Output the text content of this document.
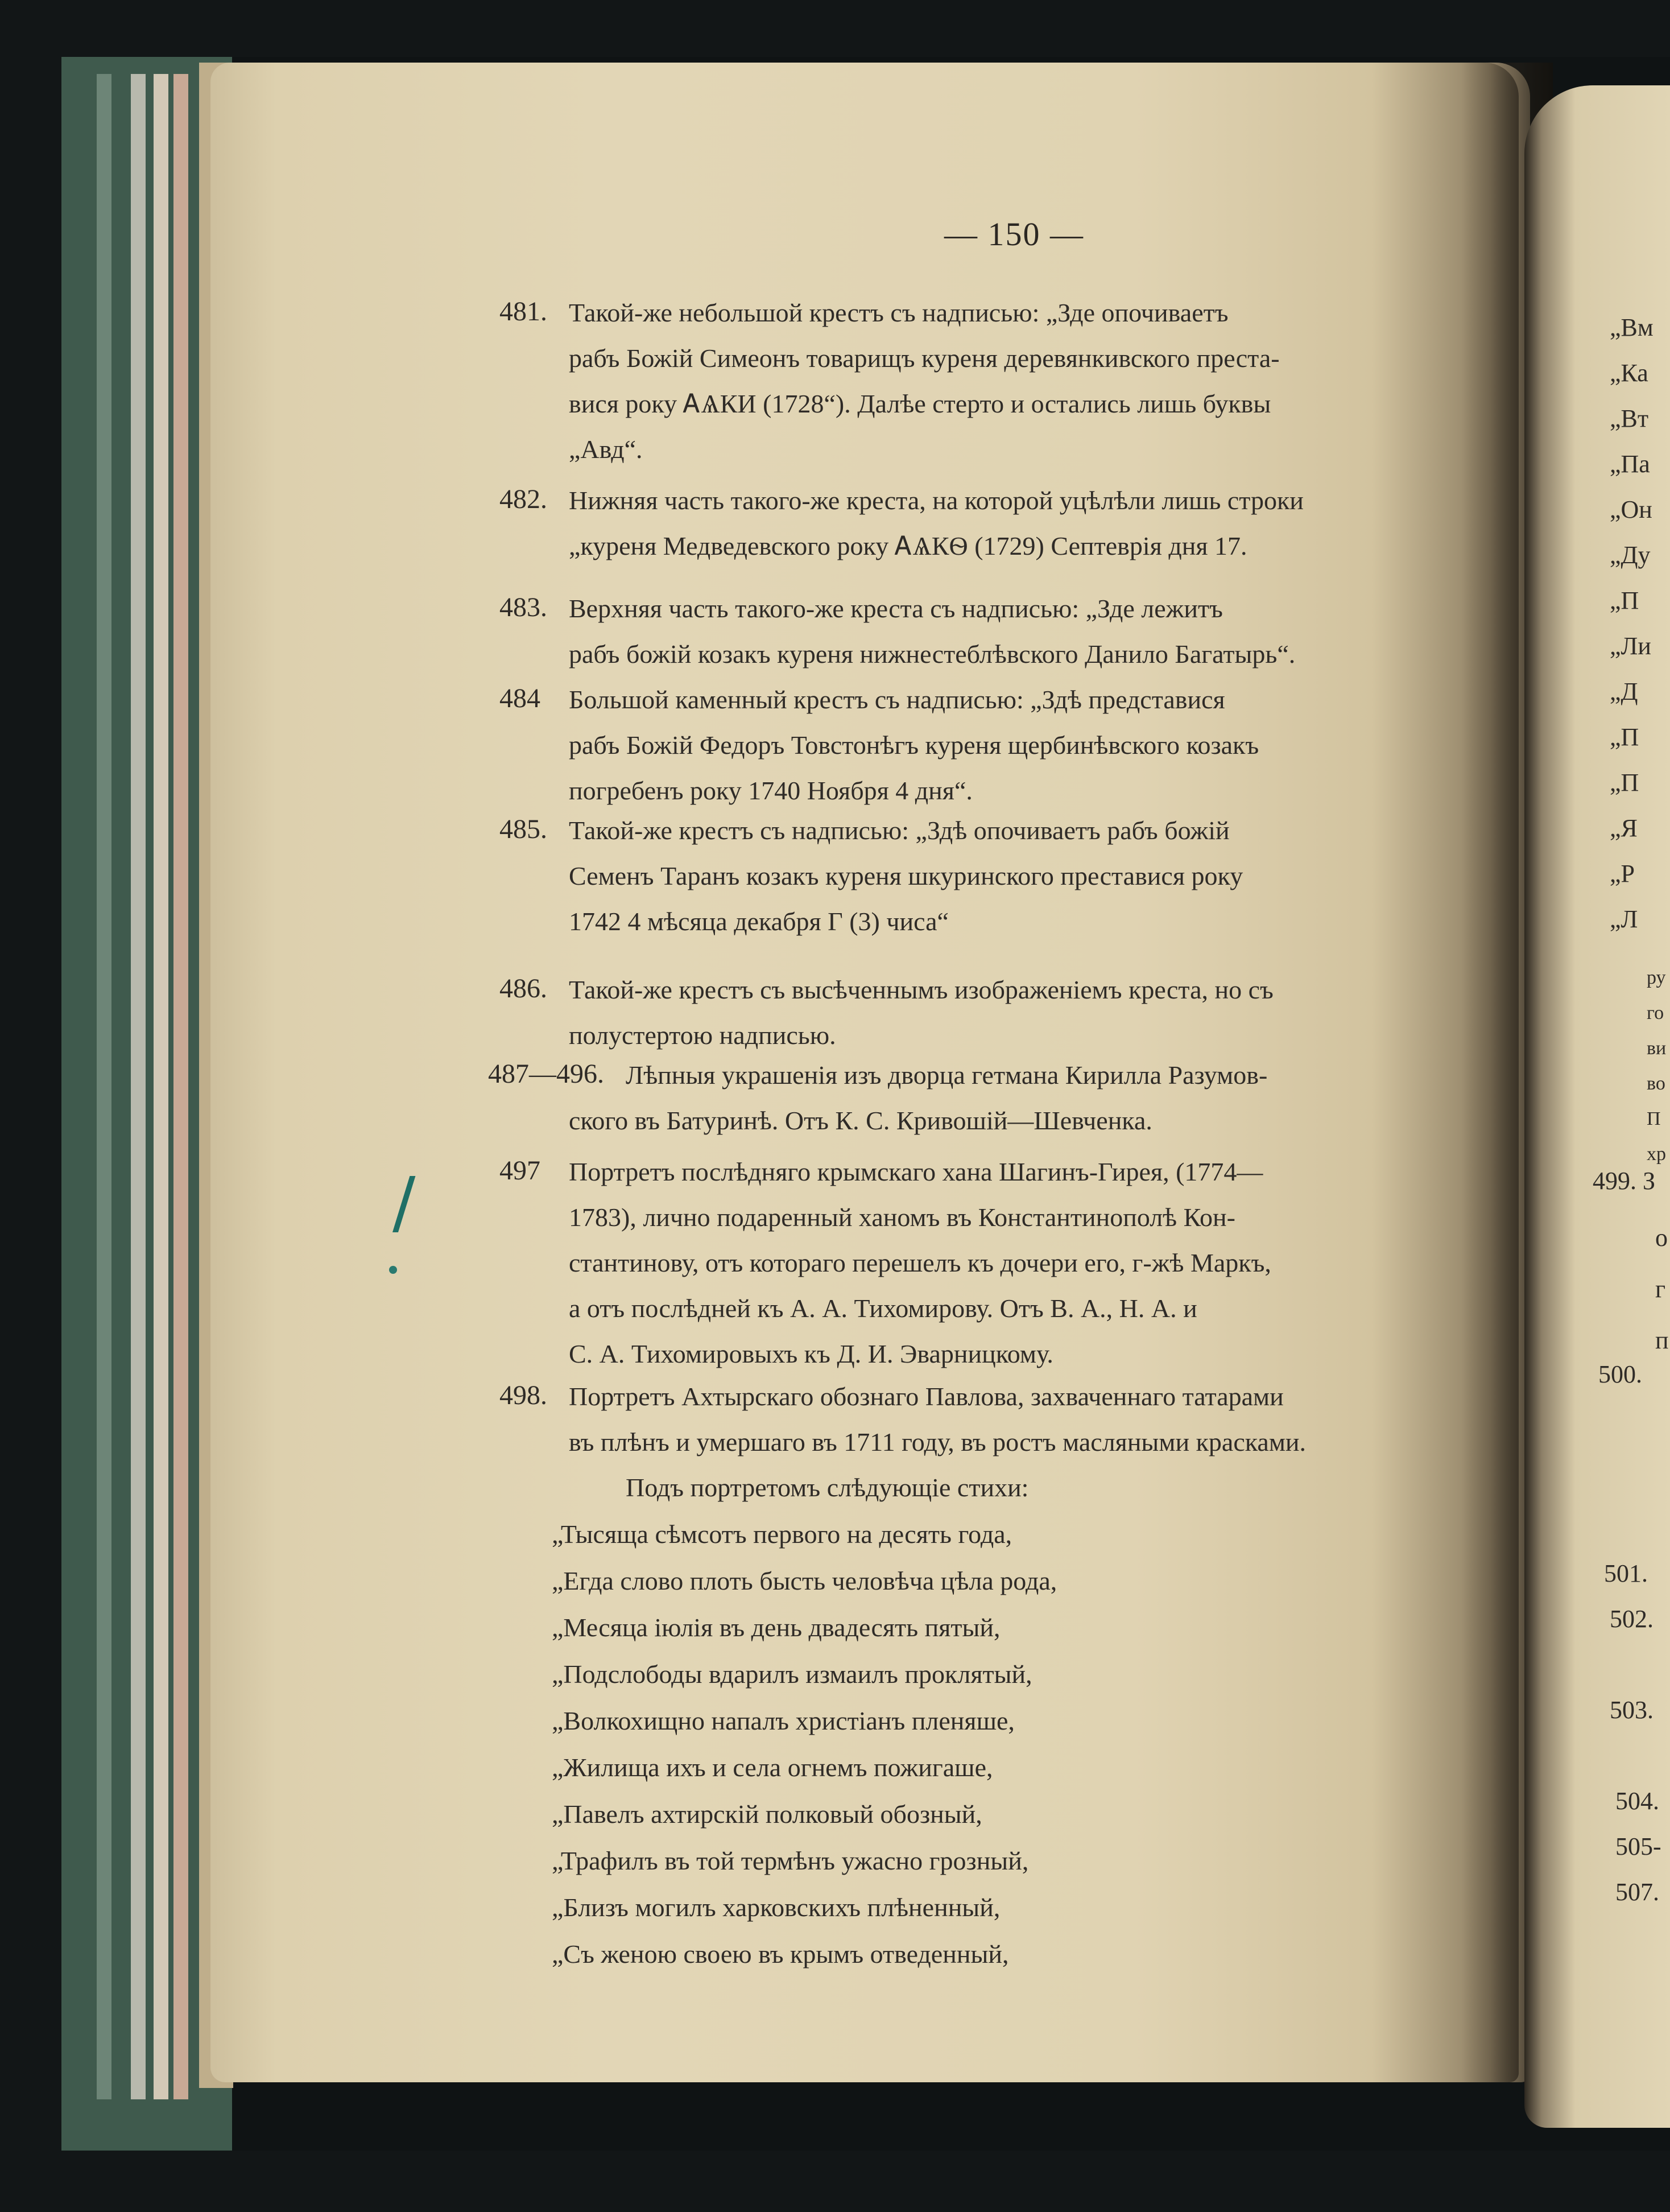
„Вм
„Ка
„Вт
„Па
„Он
„Ду
„П
„Ли
„Д
„П
„П
„Я
„Р
„Л
ру
го
ви
во
П
хр
499. З
о
г
п
500.
501.
502.
503.
504.
505-
507.
— 150 —
481. Такой-же небольшой крестъ съ надписью: „Зде опочиваетъ
рабъ Божій Симеонъ товарищъ куреня деревянкивского преста-
вися року ᎪѦКИ (1728“). Далѣе стерто и остались лишь буквы
„Авд“.
482. Нижняя часть такого-же креста, на которой уцѣлѣли лишь строки
„куреня Медведевского року ᎪѦКѲ (1729) Септеврія дня 17.
483. Верхняя часть такого-же креста съ надписью: „Зде лежитъ
рабъ божій козакъ куреня нижнестеблѣвского Данило Багатырь“.
484 Большой каменный крестъ съ надписью: „Здѣ представися
рабъ Божій Федоръ Товстонѣгъ куреня щербинѣвского козакъ
погребенъ року 1740 Ноября 4 дня“.
485. Такой-же крестъ съ надписью: „Здѣ опочиваетъ рабъ божій
Семенъ Таранъ козакъ куреня шкуринского преставися року
1742 4 мѣсяца декабря Г (3) чиса“
486. Такой-же крестъ съ высѣченнымъ изображеніемъ креста, но съ
полустертою надписью.
487—496. Лѣпныя украшенія изъ дворца гетмана Кирилла Разумов-
ского въ Батуринѣ. Отъ К. С. Кривошій—Шевченка.
497 Портретъ послѣдняго крымскаго хана Шагинъ-Гирея, (1774—
1783), лично подаренный ханомъ въ Константинополѣ Кон-
стантинову, отъ котораго перешелъ къ дочери его, г-жѣ Маркъ,
а отъ послѣдней къ А. А. Тихомирову. Отъ В. А., Н. А. и
С. А. Тихомировыхъ къ Д. И. Эварницкому.
498. Портретъ Ахтырскаго обознаго Павлова, захваченнаго татарами
въ плѣнъ и умершаго въ 1711 году, въ ростъ масляными красками.
Подъ портретомъ слѣдующіе стихи:
„Тысяща сѣмсотъ первого на десять года,
„Егда слово плоть бысть человѣча цѣла рода,
„Месяца іюлія въ день двадесять пятый,
„Подслободы вдарилъ измаилъ проклятый,
„Волкохищно напалъ христіанъ пленяше,
„Жилища ихъ и села огнемъ пожигаше,
„Павелъ ахтирскій полковый обозный,
„Трафилъ въ той термѣнъ ужасно грозный,
„Близъ могилъ харковскихъ плѣненный,
„Съ женою своею въ крымъ отведенный,
/
